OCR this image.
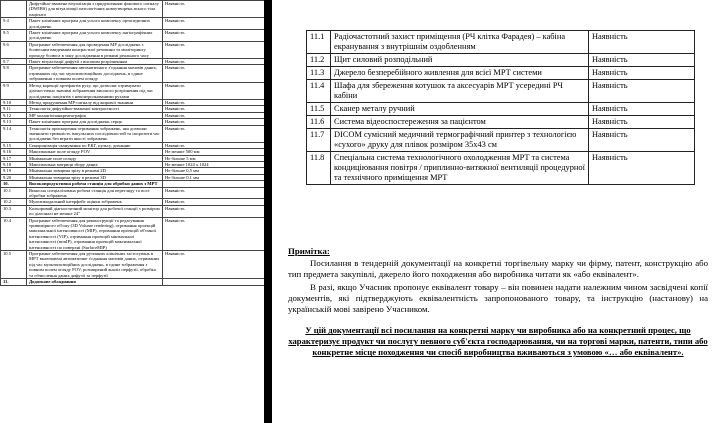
	Дифузійно-зважена візуалізація з придушенням фонового сигналу (DWIBS) для візуалізації патологічних новоутворень всього тіла пацієнта	Наявність
9.4	Пакет клінічних програм для усього комплексу ортопедичних досліджень	Наявність
9.5	Пакет клінічних програм для усього комплексу ангіографічних досліджень	Наявність
9.6	Програмне забезпечення для проведення МР досліджень з болюсним введенням контрастної речовини та моніторингу проходу болюса в зону дослідження в режимі реального часу	Наявність
9.7	Пакет візуалізації дифузії з високим розрізненням	Наявність
9.8	Програмне забезпечення автоматичного з'єднання масивів даних, отриманих під час мультипозиційних досліджень, в єдине зображення з повним полем огляду	Наявність
9.9	Метод корекції артефактів руху, що дозволяє отримувати діагностично значимі зображення високого розрізнення під час досліджень пацієнтів з неконтрольованими рухами	Наявність
9.10	Метод придушення МР-сигналу від жирової тканини	Наявність
9.11	Технологія дифузійно-зваженої контрастності	Наявність
9.12	МР холангіопанкреатографія	Наявність
9.13	Пакет клінічних програм для досліджень серця	Наявність
9.14	Технологія прискорення отримання зображень, яка дозволяє зменшити тривалість імпульсних послідовностей та скоротити час досліджень без втрати якості зображень	Наявність
9.15	Синхронізація сканування по ЕКГ, пульсу, диханню	Наявність
9.16	Максимальне поле огляду FOV	Не менше 500 мм
9.17	Мінімальне поле огляду	Не більше 5 мм
9.18	Максимальна матриця збору даних	Не менше 1024 х 1024
9.19	Мінімальна товщина зрізу в режимі 2D	Не більше 0,5 мм
9.20	Мінімальна товщина зрізу в режимі 3D	Не більше 0,1 мм
10.	Високопродуктивна робоча станція для обробки даних з МРТ	
10.1	Виносна спеціалізована робоча станція для перегляду та пост обробки зображень	Наявність
10.2	Мультимодальний інтерфейс оцінки зображень	Наявність
10.3	Кольоровий діагностичний монітор для робочої станції з розміром по діагоналі не менше 24"	Наявність
10.4	Програмне забезпечення для реконструкції та редагування тривимірного об'єму (3D Volume rendering), отримання проекцій максимальної інтенсивності (MIP), отримання проекцій об'ємної інтенсивності (VIP), отримання проекцій мінімальної інтенсивності (minIP), отримання проекцій максимальної інтенсивності по поверхні (SurfaceMIP)	Наявність
10.5	Програмне забезпечення для рутинних клінічних застосувань в МРТ включаючи автоматичне з'єднання масивів даних, отриманих під час мультипозиційних досліджень, в єдине зображення з повним полем огляду FOV, розширений аналіз перфузії, обробка та обчислення даних дифузії та перфузії	Наявність
11.	Додаткове обладнання	
11.1	Радіочастотний захист приміщення (РЧ клітка Фарадея) – кабіна екранування з внутрішнім оздобленням	Наявність
11.2	Щит силовий розподільний	Наявність
11.3	Джерело безперебійного живлення для всієї МРТ системи	Наявність
11.4	Шафа для збереження котушок та аксесуарів МРТ усередині РЧ кабіни	Наявність
11.5	Сканер металу ручний	Наявність
11.6	Система відеоспостереження за пацієнтом	Наявність
11.7	DICOM сумісний медичний термографічний принтер з технологією «сухого» друку для плівок розміром 35х43 см	Наявність
11.8	Спеціальна система технологічного охолодження МРТ та система кондиціювання повітря / приплинно-витяжної вентиляції процедурної та технічного приміщення МРТ	Наявність
Примітка:

Посилання в тендерній документації на конкретні торгівельну марку чи фірму, патент, конструкцію або тип предмета закупівлі, джерело його походження або виробника читати як «або еквівалент».

В разі, якщо Учасник пропонує еквівалент товару – він повинен надати належним чином засвідчені копії документів, які підтверджують еквівалентність запропонованого товару, та інструкцію (настанову) на українській мові завірено Учасником.

У цій документації всі посилання на конкретні марку чи виробника або на конкретний процес, що характеризує продукт чи послугу певного суб'єкта господарювання, чи на торгові марки, патенти, типи або конкретне місце походження чи спосіб виробництва вживаються з умовою «… або еквівалент».
